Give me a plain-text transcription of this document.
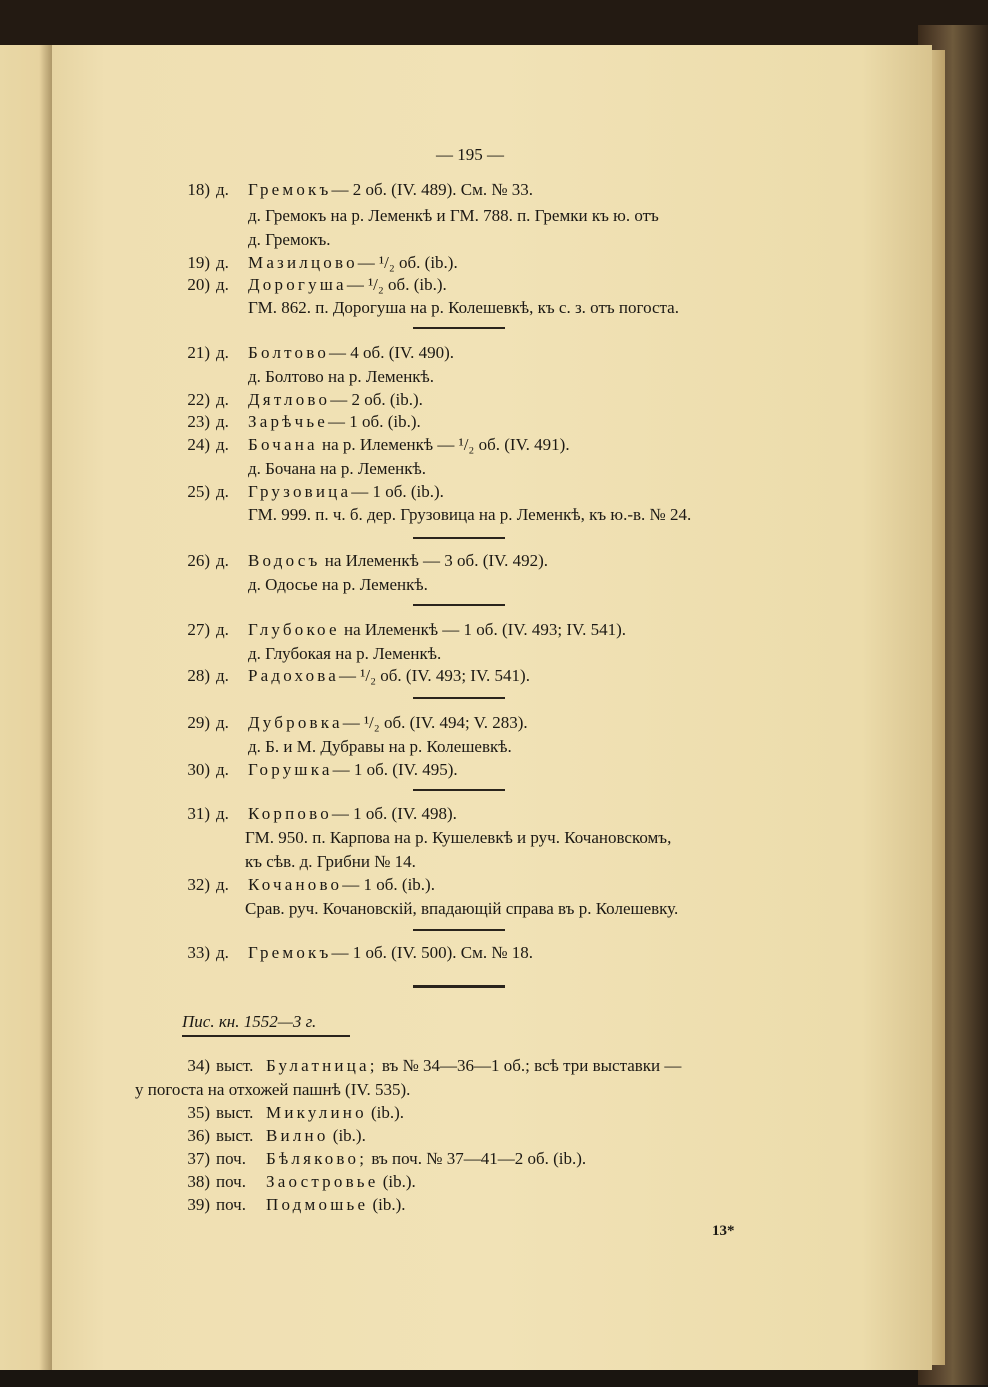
— 195 —
18) д. Гремокъ— 2 об. (IV. 489). См. № 33.
д. Гремокъ на р. Леменкѣ и ГМ. 788. п. Гремки къ ю. отъ
д. Гремокъ.
19) д. Мазилцово— ¹/₂ об. (ib.).
20) д. Дорогуша— ¹/₂ об. (ib.).
ГМ. 862. п. Дорогуша на р. Колешевкѣ, къ с. з. отъ погоста.
21) д. Болтово— 4 об. (IV. 490).
д. Болтово на р. Леменкѣ.
22) д. Дятлово— 2 об. (ib.).
23) д. Зарѣчье— 1 об. (ib.).
24) д. Бочана на р. Илеменкѣ — ¹/₂ об. (IV. 491).
д. Бочана на р. Леменкѣ.
25) д. Грузовица— 1 об. (ib.).
ГМ. 999. п. ч. б. дер. Грузовица на р. Леменкѣ, къ ю.-в. № 24.
26) д. Водосъ на Илеменкѣ — 3 об. (IV. 492).
д. Одосье на р. Леменкѣ.
27) д. Глубокое на Илеменкѣ — 1 об. (IV. 493; IV. 541).
д. Глубокая на р. Леменкѣ.
28) д. Радохова— ¹/₂ об. (IV. 493; IV. 541).
29) д. Дубровка— ¹/₂ об. (IV. 494; V. 283).
д. Б. и М. Дубравы на р. Колешевкѣ.
30) д. Горушка— 1 об. (IV. 495).
31) д. Корпово— 1 об. (IV. 498).
ГМ. 950. п. Карпова на р. Кушелевкѣ и руч. Кочановскомъ,
къ сѣв. д. Грибни № 14.
32) д. Кочаново— 1 об. (ib.).
Срав. руч. Кочановскій, впадающій справа въ р. Колешевку.
33) д. Гремокъ— 1 об. (IV. 500). См. № 18.
Пис. кн. 1552—3 г.
34) выст. Булатница; въ № 34—36—1 об.; всѣ три выставки —
у погоста на отхожей пашнѣ (IV. 535).
35) выст. Микулино (ib.).
36) выст. Вилно (ib.).
37) поч. Бѣляково; въ поч. № 37—41—2 об. (ib.).
38) поч. Заостровье (ib.).
39) поч. Подмошье (ib.).
13*
